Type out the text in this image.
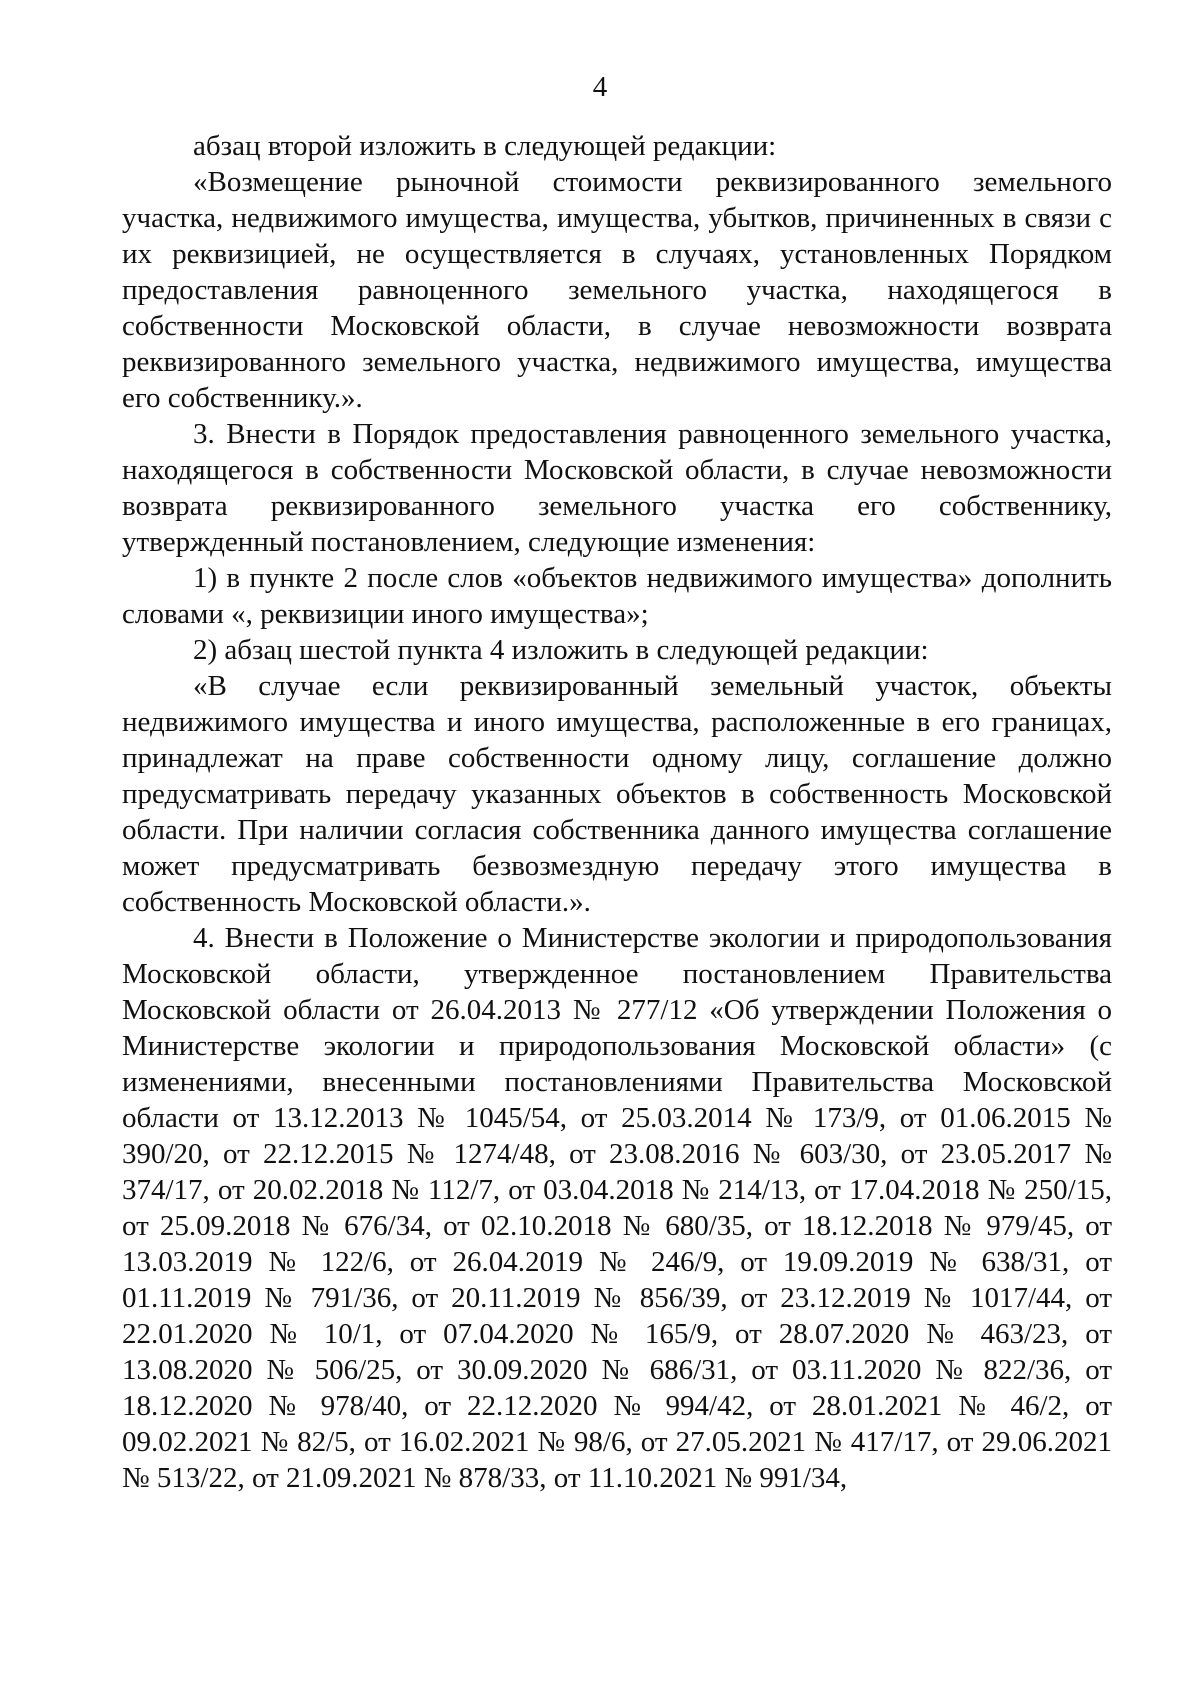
4

абзац второй изложить в следующей редакции:

«Возмещение рыночной стоимости реквизированного земельного участка, недвижимого имущества, имущества, убытков, причиненных в связи с их реквизицией, не осуществляется в случаях, установленных Порядком предоставления равноценного земельного участка, находящегося в собственности Московской области, в случае невозможности возврата реквизированного земельного участка, недвижимого имущества, имущества его собственнику.».

3. Внести в Порядок предоставления равноценного земельного участка, находящегося в собственности Московской области, в случае невозможности возврата реквизированного земельного участка его собственнику, утвержденный постановлением, следующие изменения:

1) в пункте 2 после слов «объектов недвижимого имущества» дополнить словами «, реквизиции иного имущества»;

2) абзац шестой пункта 4 изложить в следующей редакции:

«В случае если реквизированный земельный участок, объекты недвижимого имущества и иного имущества, расположенные в его границах, принадлежат на праве собственности одному лицу, соглашение должно предусматривать передачу указанных объектов в собственность Московской области. При наличии согласия собственника данного имущества соглашение может предусматривать безвозмездную передачу этого имущества в собственность Московской области.».

4. Внести в Положение о Министерстве экологии и природопользования Московской области, утвержденное постановлением Правительства Московской области от 26.04.2013 № 277/12 «Об утверждении Положения о Министерстве экологии и природопользования Московской области» (с изменениями, внесенными постановлениями Правительства Московской области от 13.12.2013 № 1045/54, от 25.03.2014 № 173/9, от 01.06.2015 № 390/20, от 22.12.2015 № 1274/48, от 23.08.2016 № 603/30, от 23.05.2017 № 374/17, от 20.02.2018 № 112/7, от 03.04.2018 № 214/13, от 17.04.2018 № 250/15, от 25.09.2018 № 676/34, от 02.10.2018 № 680/35, от 18.12.2018 № 979/45, от 13.03.2019 № 122/6, от 26.04.2019 № 246/9, от 19.09.2019 № 638/31, от 01.11.2019 № 791/36, от 20.11.2019 № 856/39, от 23.12.2019 № 1017/44, от 22.01.2020 № 10/1, от 07.04.2020 № 165/9, от 28.07.2020 № 463/23, от 13.08.2020 № 506/25, от 30.09.2020 № 686/31, от 03.11.2020 № 822/36, от 18.12.2020 № 978/40, от 22.12.2020 № 994/42, от 28.01.2021 № 46/2, от 09.02.2021 № 82/5, от 16.02.2021 № 98/6, от 27.05.2021 № 417/17, от 29.06.2021 № 513/22, от 21.09.2021 № 878/33, от 11.10.2021 № 991/34,
